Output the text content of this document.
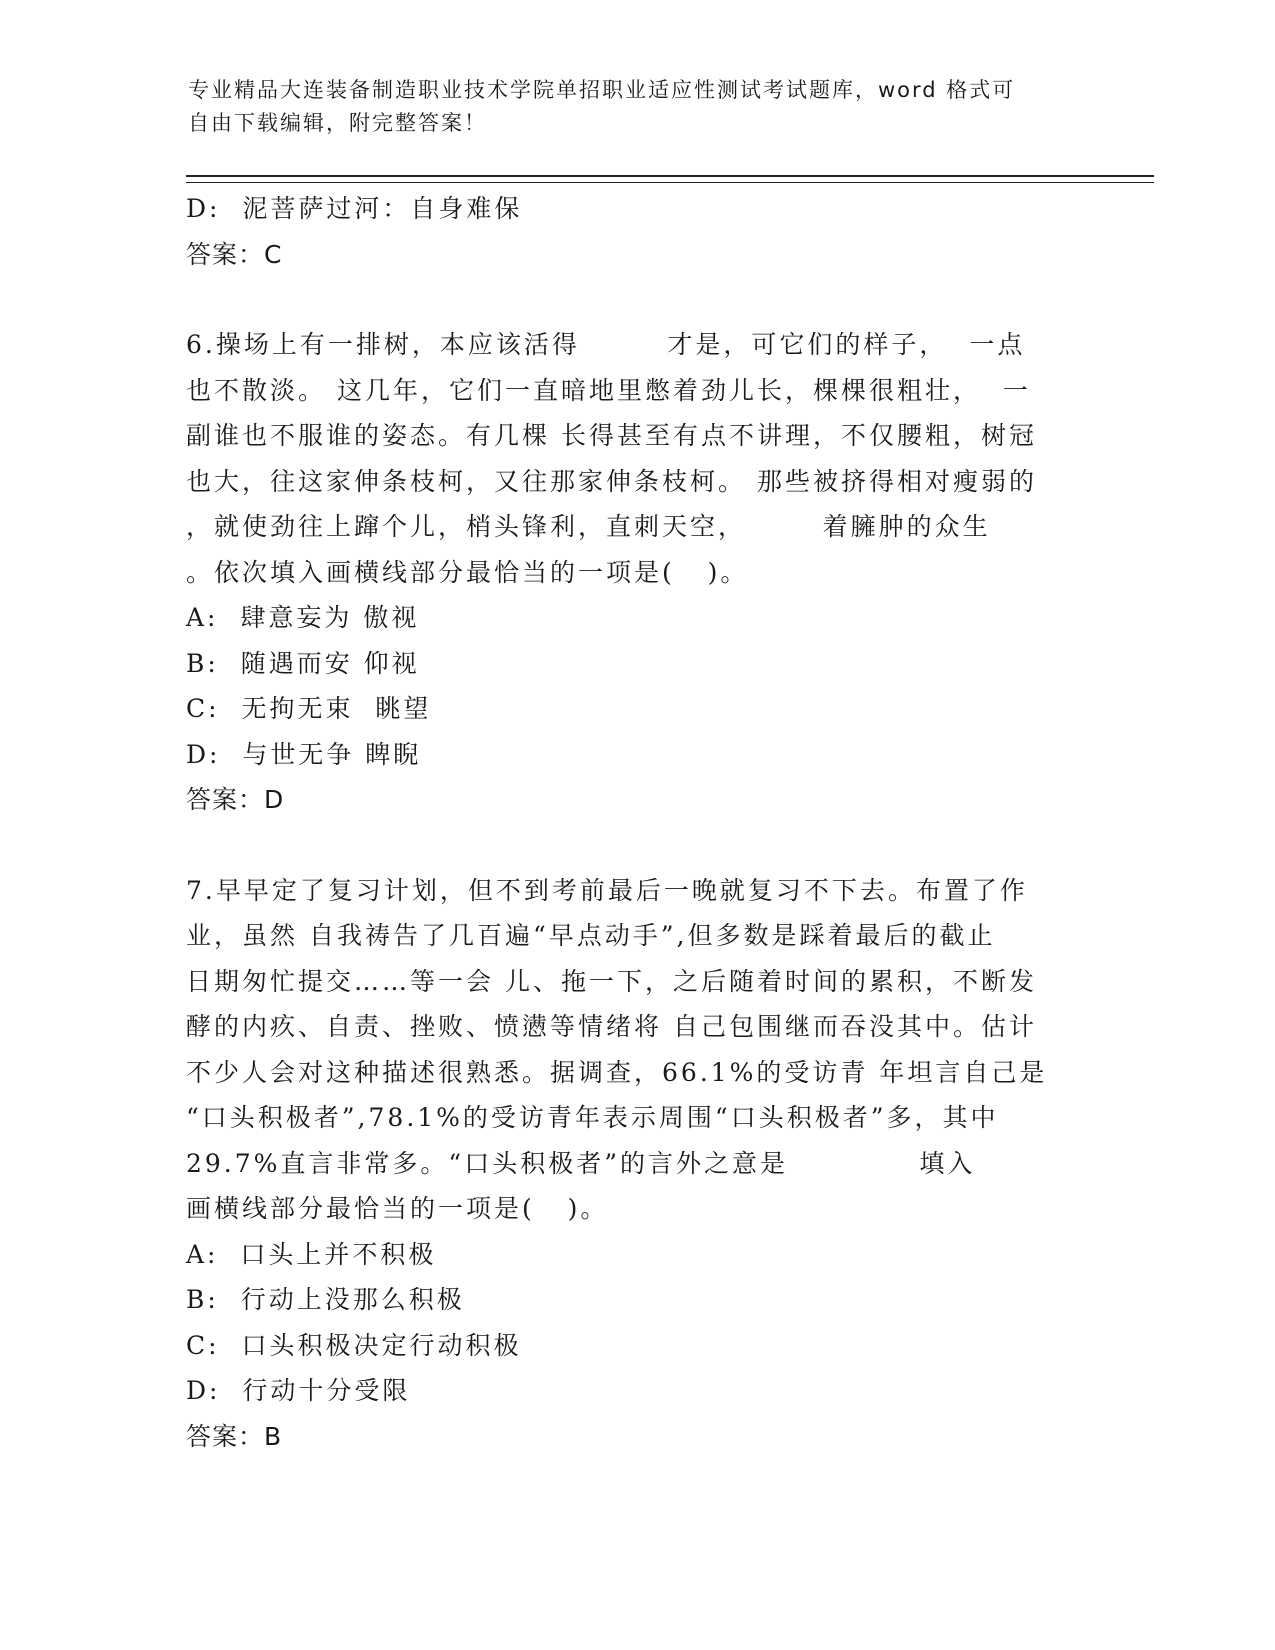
专业精品大连装备制造职业技术学院单招职业适应性测试考试题库，word 格式可
自由下载编辑，附完整答案！
D:  泥菩萨过河：自身难保
答案：C
6.操场上有一排树，本应该活得        才是，可它们的样子，  一点
也不散淡。 这几年，它们一直暗地里憋着劲儿长，棵棵很粗壮，  一
副谁也不服谁的姿态。有几棵 长得甚至有点不讲理，不仅腰粗，树冠
也大，往这家伸条枝柯，又往那家伸条枝柯。 那些被挤得相对瘦弱的
，就使劲往上蹿个儿，梢头锋利，直刺天空，       着臃肿的众生
。依次填入画横线部分最恰当的一项是(   )。
A:  肆意妄为 傲视
B:  随遇而安 仰视
C:  无拘无束  眺望
D:  与世无争 睥睨
答案：D
7.早早定了复习计划，但不到考前最后一晚就复习不下去。布置了作
业，虽然 自我祷告了几百遍“早点动手”,但多数是踩着最后的截止
日期匆忙提交……等一会 儿、拖一下，之后随着时间的累积，不断发
酵的内疚、自责、挫败、愤懑等情绪将 自己包围继而吞没其中。估计
不少人会对这种描述很熟悉。据调查，66.1%的受访青 年坦言自己是
“口头积极者”,78.1%的受访青年表示周围“口头积极者”多，其中
29.7%直言非常多。“口头积极者”的言外之意是            填入
画横线部分最恰当的一项是(   )。
A:  口头上并不积极
B:  行动上没那么积极
C:  口头积极决定行动积极
D:  行动十分受限
答案：B
